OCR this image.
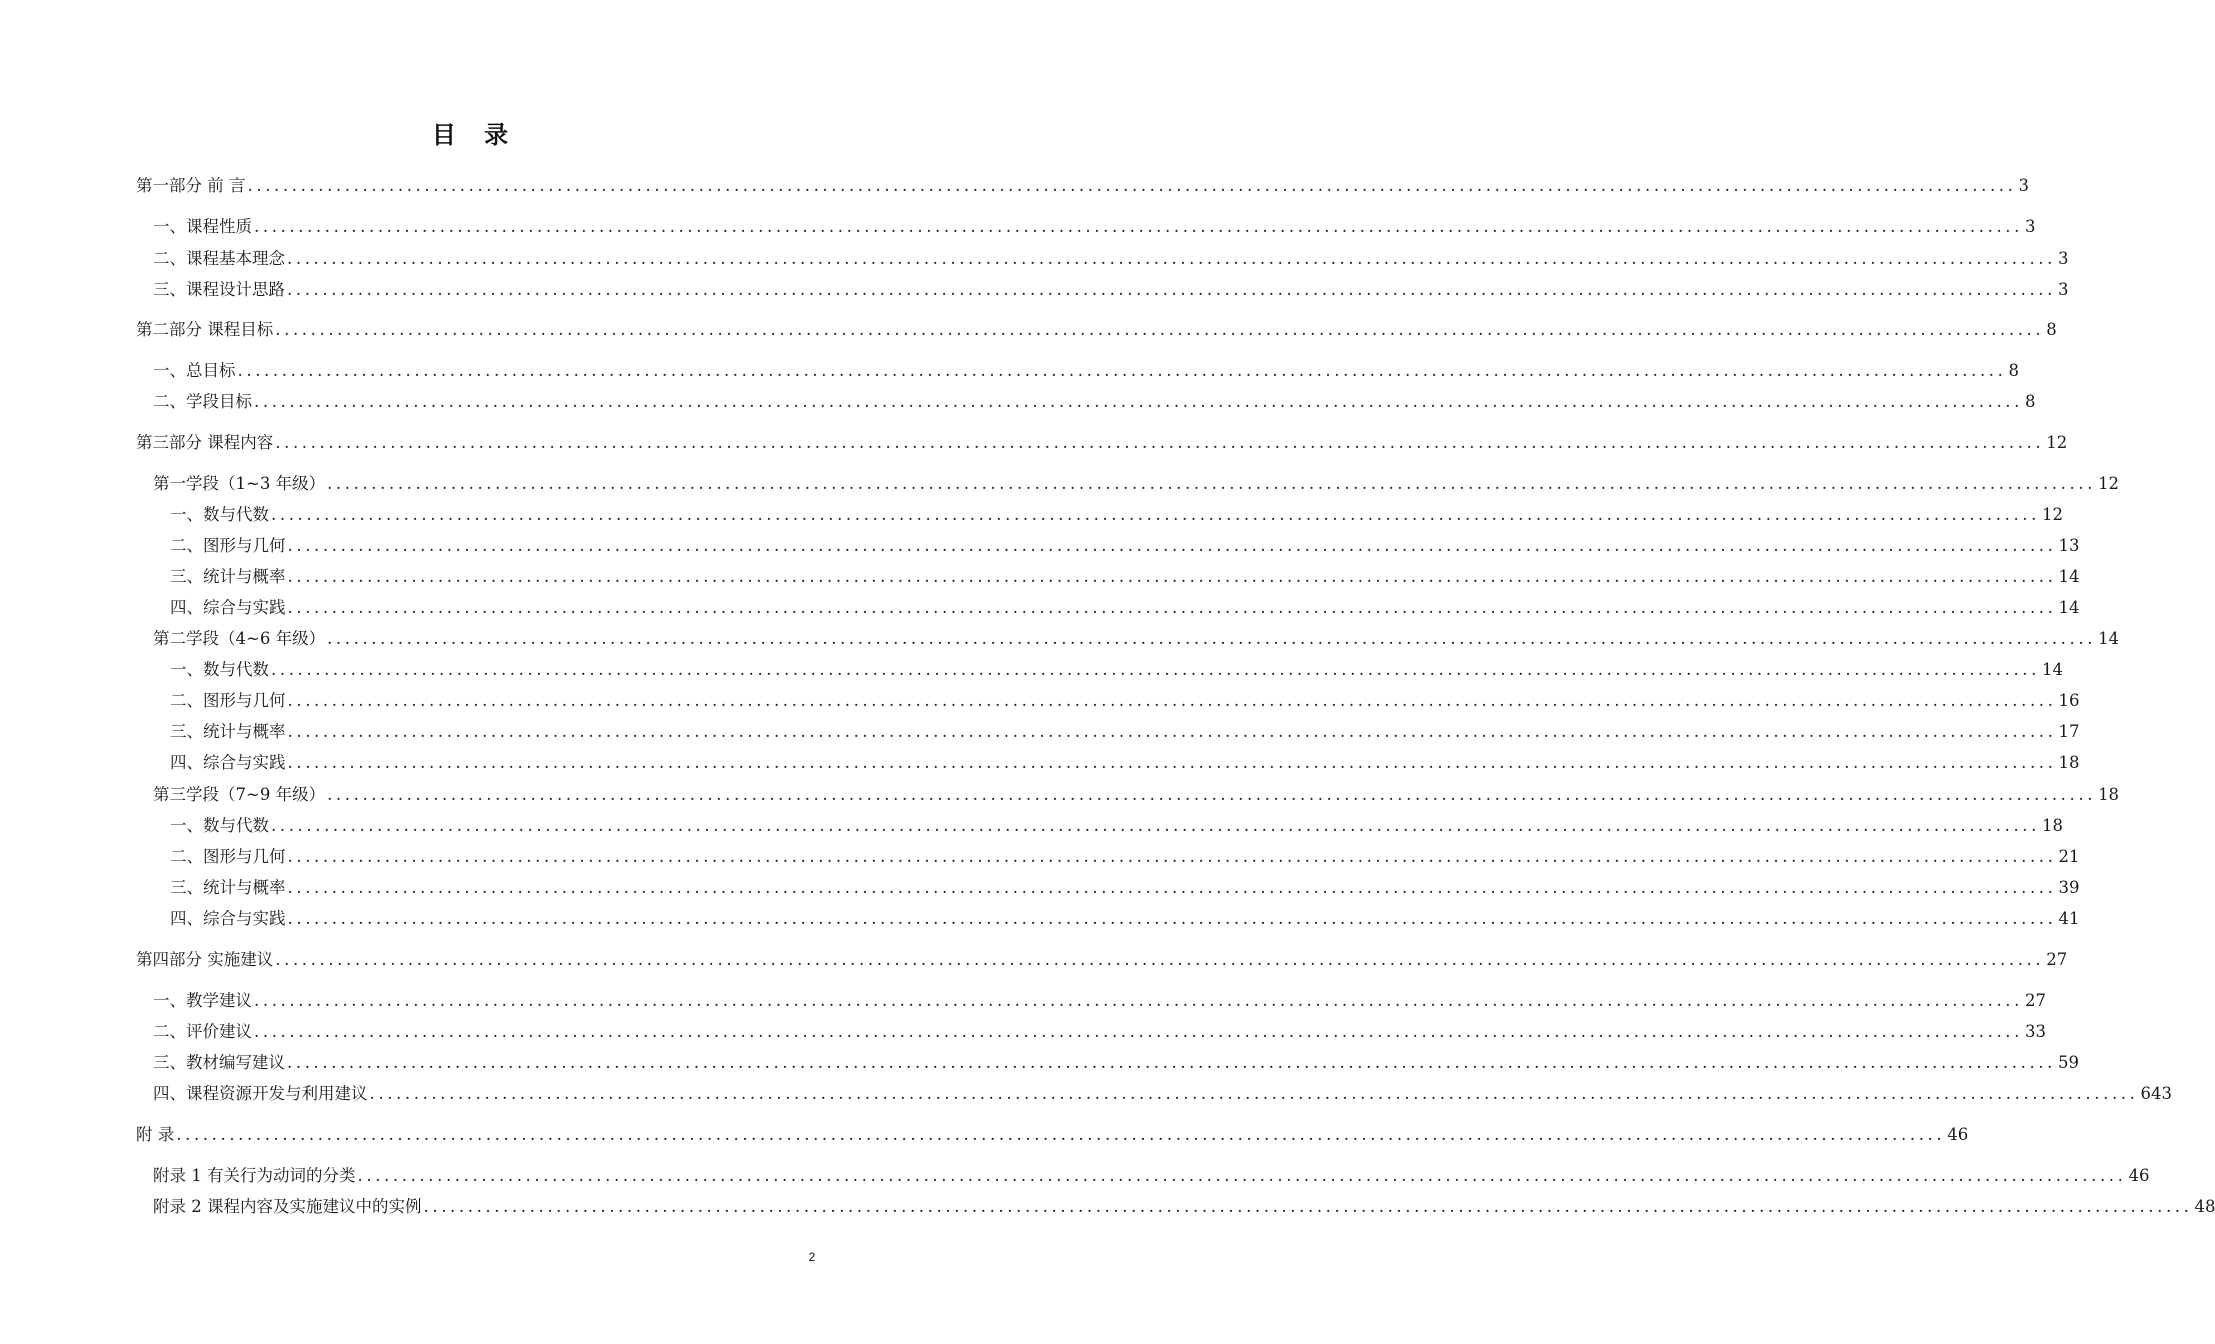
目 录
第一部分 前 言 ........................................................................................................................................................................................................ 3
一、课程性质 ........................................................................................................................................................................................................ 3
二、课程基本理念 ........................................................................................................................................................................................................ 3
三、课程设计思路 ........................................................................................................................................................................................................ 3
第二部分 课程目标 ........................................................................................................................................................................................................ 8
一、总目标 ........................................................................................................................................................................................................ 8
二、学段目标 ........................................................................................................................................................................................................ 8
第三部分 课程内容 ........................................................................................................................................................................................................ 12
第一学段（1~3 年级） ........................................................................................................................................................................................................ 12
一、数与代数 ........................................................................................................................................................................................................ 12
二、图形与几何 ........................................................................................................................................................................................................ 13
三、统计与概率 ........................................................................................................................................................................................................ 14
四、综合与实践 ........................................................................................................................................................................................................ 14
第二学段（4~6 年级） ........................................................................................................................................................................................................ 14
一、数与代数 ........................................................................................................................................................................................................ 14
二、图形与几何 ........................................................................................................................................................................................................ 16
三、统计与概率 ........................................................................................................................................................................................................ 17
四、综合与实践 ........................................................................................................................................................................................................ 18
第三学段（7~9 年级） ........................................................................................................................................................................................................ 18
一、数与代数 ........................................................................................................................................................................................................ 18
二、图形与几何 ........................................................................................................................................................................................................ 21
三、统计与概率 ........................................................................................................................................................................................................ 39
四、综合与实践 ........................................................................................................................................................................................................ 41
第四部分 实施建议 ........................................................................................................................................................................................................ 27
一、教学建议 ........................................................................................................................................................................................................ 27
二、评价建议 ........................................................................................................................................................................................................ 33
三、教材编写建议 ........................................................................................................................................................................................................ 59
四、课程资源开发与利用建议 ........................................................................................................................................................................................................ 643
附 录 ........................................................................................................................................................................................................ 46
附录 1 有关行为动词的分类 ........................................................................................................................................................................................................ 46
附录 2 课程内容及实施建议中的实例 ........................................................................................................................................................................................................ 48
2
